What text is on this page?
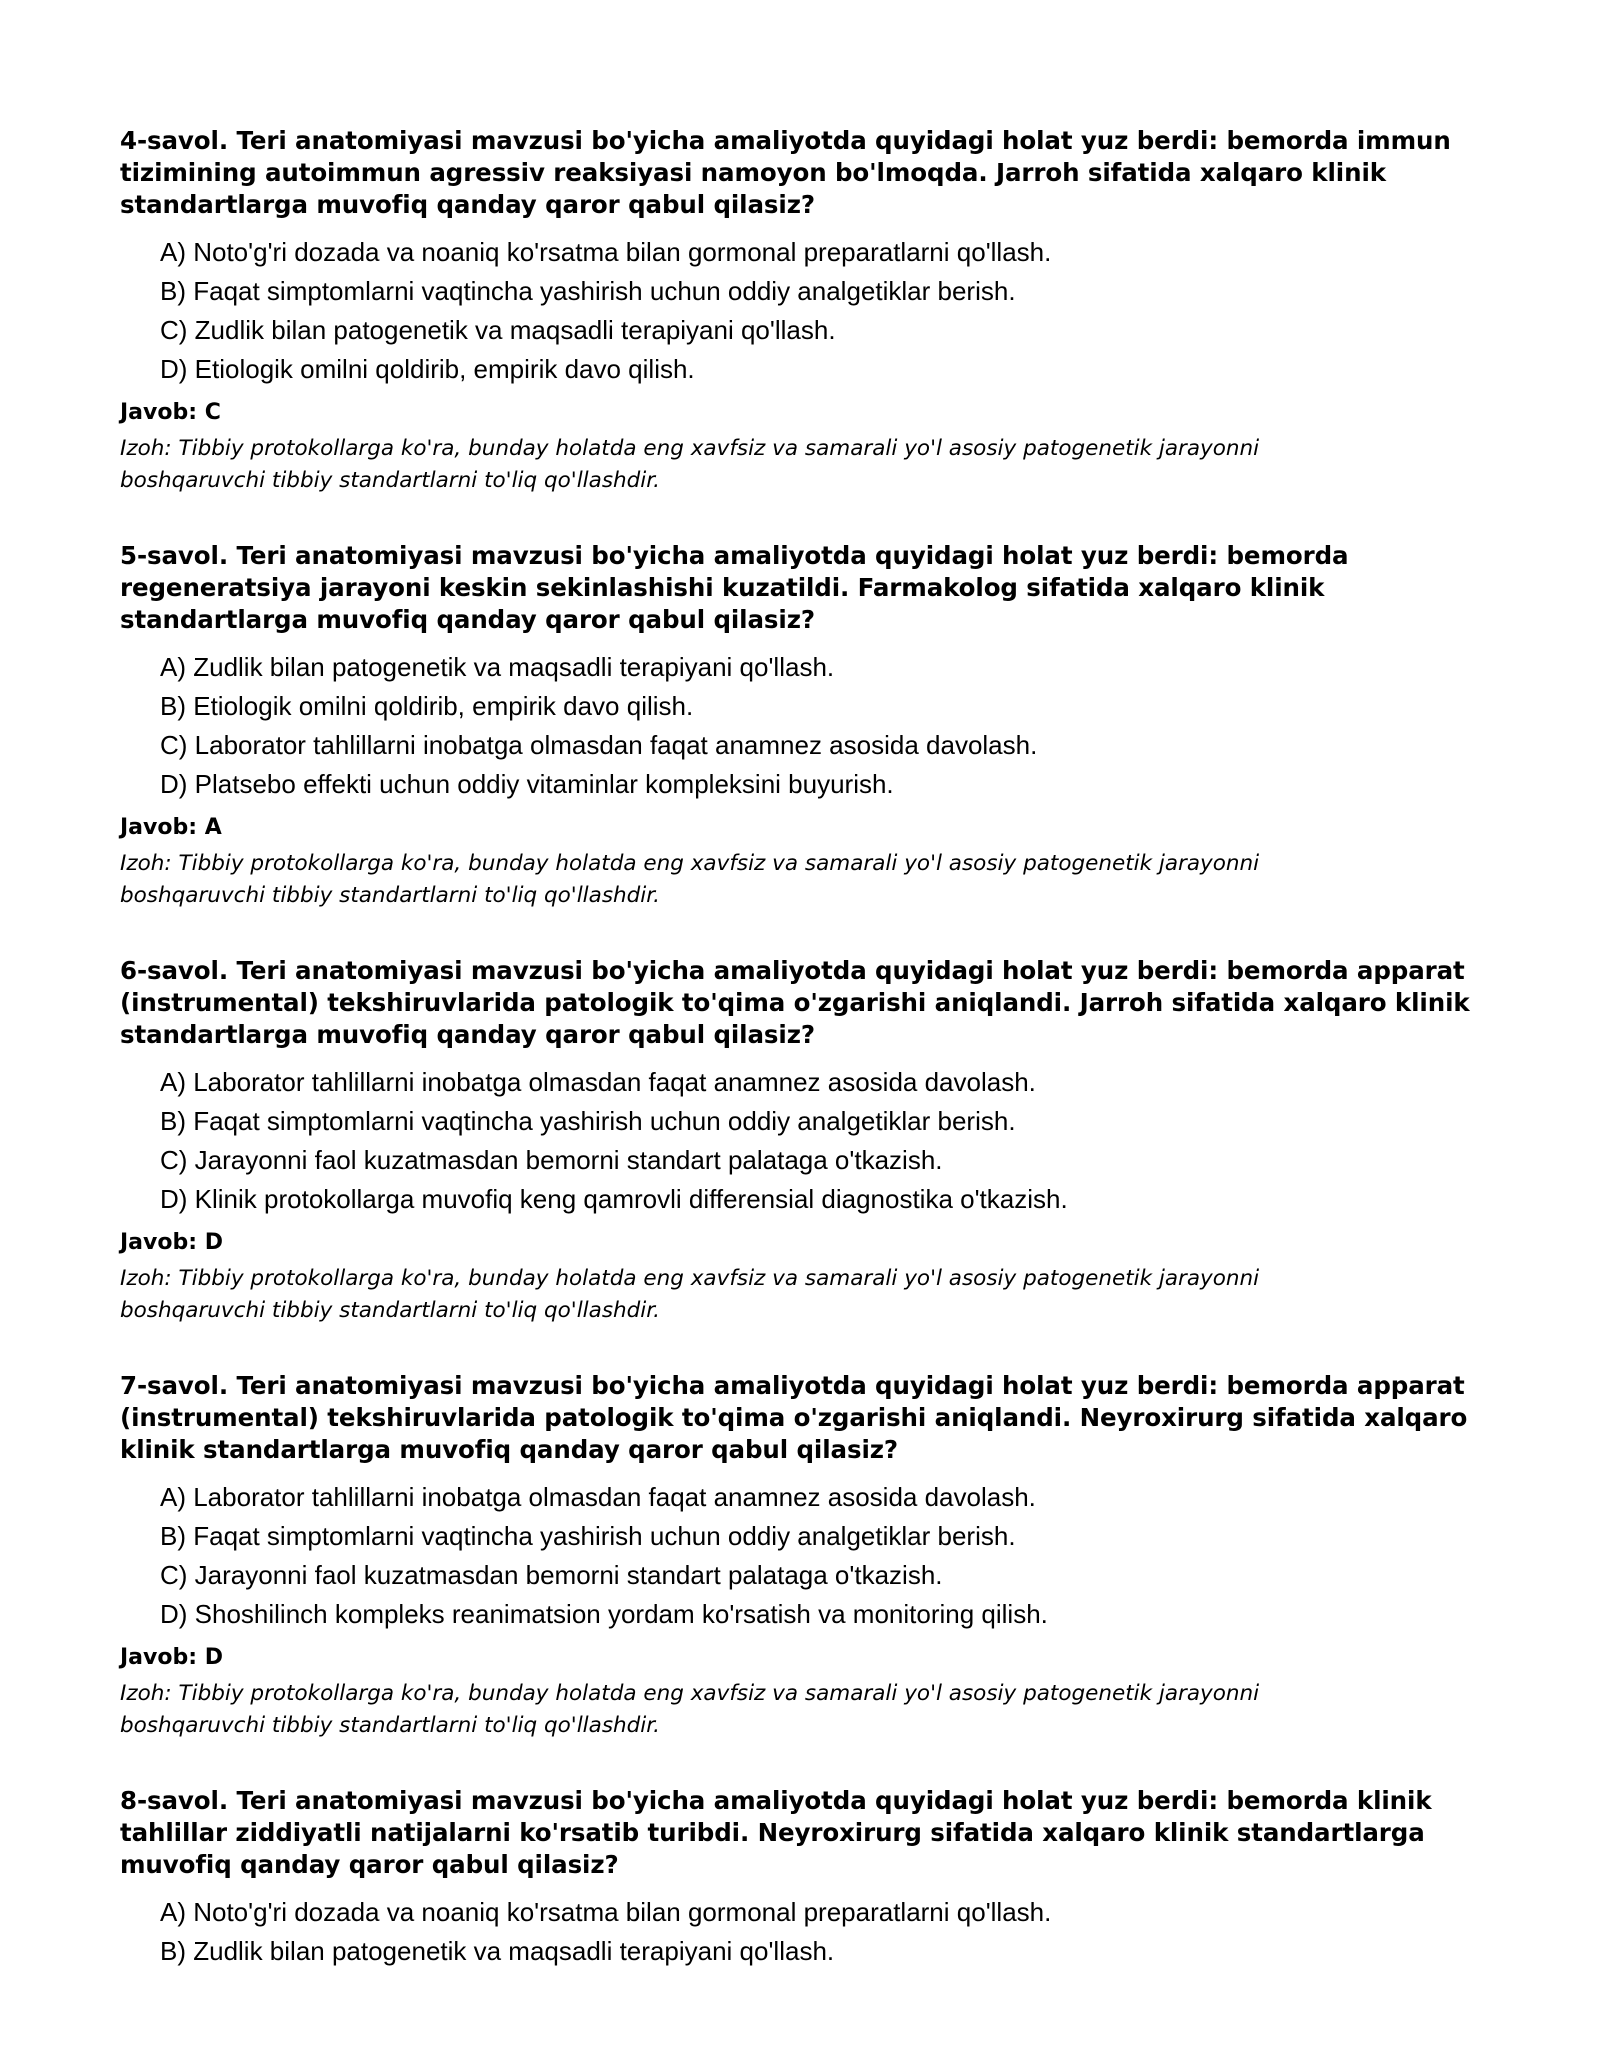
4-savol. Teri anatomiyasi mavzusi bo'yicha amaliyotda quyidagi holat yuz berdi: bemorda immun tizimining autoimmun agressiv reaksiyasi namoyon bo'lmoqda. Jarroh sifatida xalqaro klinik standartlarga muvofiq qanday qaror qabul qilasiz?

A) Noto'g'ri dozada va noaniq ko'rsatma bilan gormonal preparatlarni qo'llash.
B) Faqat simptomlarni vaqtincha yashirish uchun oddiy analgetiklar berish.
C) Zudlik bilan patogenetik va maqsadli terapiyani qo'llash.
D) Etiologik omilni qoldirib, empirik davo qilish.

Javob: C

Izoh: Tibbiy protokollarga ko'ra, bunday holatda eng xavfsiz va samarali yo'l asosiy patogenetik jarayonni boshqaruvchi tibbiy standartlarni to'liq qo'llashdir.

5-savol. Teri anatomiyasi mavzusi bo'yicha amaliyotda quyidagi holat yuz berdi: bemorda regeneratsiya jarayoni keskin sekinlashishi kuzatildi. Farmakolog sifatida xalqaro klinik standartlarga muvofiq qanday qaror qabul qilasiz?

A) Zudlik bilan patogenetik va maqsadli terapiyani qo'llash.
B) Etiologik omilni qoldirib, empirik davo qilish.
C) Laborator tahlillarni inobatga olmasdan faqat anamnez asosida davolash.
D) Platsebo effekti uchun oddiy vitaminlar kompleksini buyurish.

Javob: A

Izoh: Tibbiy protokollarga ko'ra, bunday holatda eng xavfsiz va samarali yo'l asosiy patogenetik jarayonni boshqaruvchi tibbiy standartlarni to'liq qo'llashdir.

6-savol. Teri anatomiyasi mavzusi bo'yicha amaliyotda quyidagi holat yuz berdi: bemorda apparat (instrumental) tekshiruvlarida patologik to'qima o'zgarishi aniqlandi. Jarroh sifatida xalqaro klinik standartlarga muvofiq qanday qaror qabul qilasiz?

A) Laborator tahlillarni inobatga olmasdan faqat anamnez asosida davolash.
B) Faqat simptomlarni vaqtincha yashirish uchun oddiy analgetiklar berish.
C) Jarayonni faol kuzatmasdan bemorni standart palataga o'tkazish.
D) Klinik protokollarga muvofiq keng qamrovli differensial diagnostika o'tkazish.

Javob: D

Izoh: Tibbiy protokollarga ko'ra, bunday holatda eng xavfsiz va samarali yo'l asosiy patogenetik jarayonni boshqaruvchi tibbiy standartlarni to'liq qo'llashdir.

7-savol. Teri anatomiyasi mavzusi bo'yicha amaliyotda quyidagi holat yuz berdi: bemorda apparat (instrumental) tekshiruvlarida patologik to'qima o'zgarishi aniqlandi. Neyroxirurg sifatida xalqaro klinik standartlarga muvofiq qanday qaror qabul qilasiz?

A) Laborator tahlillarni inobatga olmasdan faqat anamnez asosida davolash.
B) Faqat simptomlarni vaqtincha yashirish uchun oddiy analgetiklar berish.
C) Jarayonni faol kuzatmasdan bemorni standart palataga o'tkazish.
D) Shoshilinch kompleks reanimatsion yordam ko'rsatish va monitoring qilish.

Javob: D

Izoh: Tibbiy protokollarga ko'ra, bunday holatda eng xavfsiz va samarali yo'l asosiy patogenetik jarayonni boshqaruvchi tibbiy standartlarni to'liq qo'llashdir.

8-savol. Teri anatomiyasi mavzusi bo'yicha amaliyotda quyidagi holat yuz berdi: bemorda klinik tahlillar ziddiyatli natijalarni ko'rsatib turibdi. Neyroxirurg sifatida xalqaro klinik standartlarga muvofiq qanday qaror qabul qilasiz?

A) Noto'g'ri dozada va noaniq ko'rsatma bilan gormonal preparatlarni qo'llash.
B) Zudlik bilan patogenetik va maqsadli terapiyani qo'llash.
